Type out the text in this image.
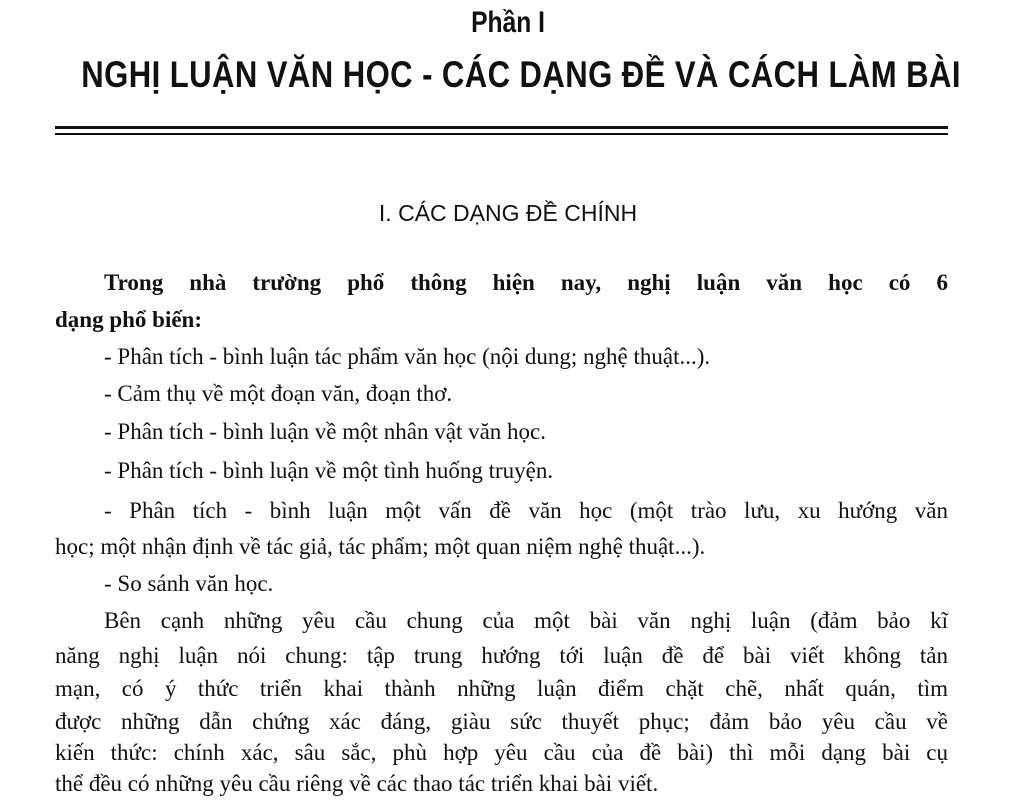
Phần I
NGHỊ LUẬN VĂN HỌC - CÁC DẠNG ĐỀ VÀ CÁCH LÀM BÀI
I. CÁC DẠNG ĐỀ CHÍNH
Trong nhà trường phổ thông hiện nay, nghị luận văn học có 6
dạng phổ biến:
- Phân tích - bình luận tác phẩm văn học (nội dung; nghệ thuật...).
- Cảm thụ về một đoạn văn, đoạn thơ.
- Phân tích - bình luận về một nhân vật văn học.
- Phân tích - bình luận về một tình huống truyện.
- Phân tích - bình luận một vấn đề văn học (một trào lưu, xu hướng văn
học; một nhận định về tác giả, tác phẩm; một quan niệm nghệ thuật...).
- So sánh văn học.
Bên cạnh những yêu cầu chung của một bài văn nghị luận (đảm bảo kĩ
năng nghị luận nói chung: tập trung hướng tới luận đề để bài viết không tản
mạn, có ý thức triển khai thành những luận điểm chặt chẽ, nhất quán, tìm
được những dẫn chứng xác đáng, giàu sức thuyết phục; đảm bảo yêu cầu về
kiến thức: chính xác, sâu sắc, phù hợp yêu cầu của đề bài) thì mỗi dạng bài cụ
thể đều có những yêu cầu riêng về các thao tác triển khai bài viết.
